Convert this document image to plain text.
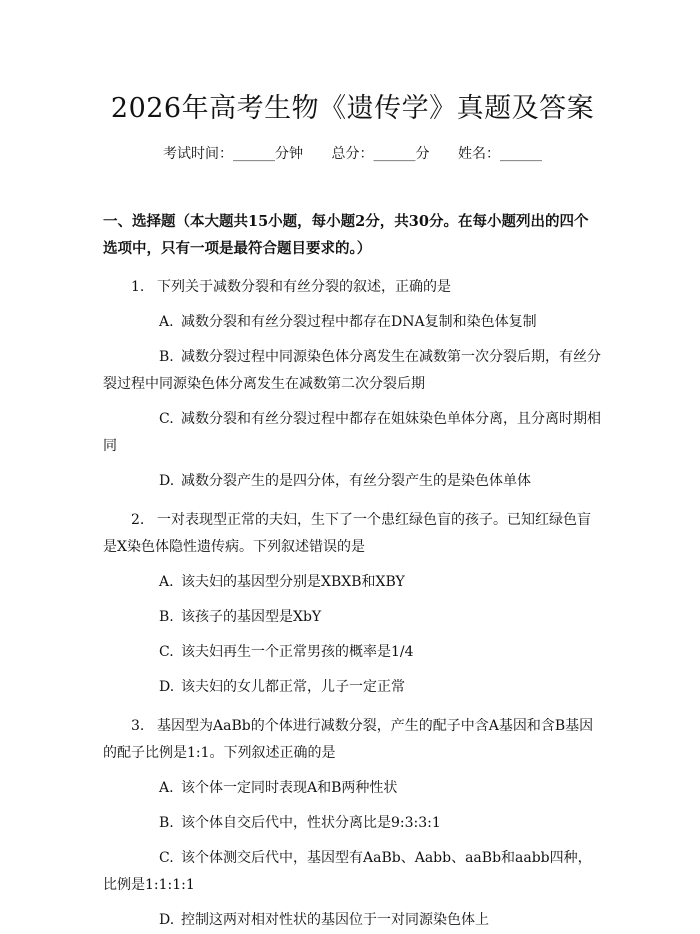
2026年高考生物《遗传学》真题及答案
考试时间：______分钟 总分：______分 姓名：______
一、选择题（本大题共15小题，每小题2分，共30分。在每小题列出的四个选项中，只有一项是最符合题目要求的。）
1. 下列关于减数分裂和有丝分裂的叙述，正确的是
A. 减数分裂和有丝分裂过程中都存在DNA复制和染色体复制
B. 减数分裂过程中同源染色体分离发生在减数第一次分裂后期，有丝分裂过程中同源染色体分离发生在减数第二次分裂后期
C. 减数分裂和有丝分裂过程中都存在姐妹染色单体分离，且分离时期相同
D. 减数分裂产生的是四分体，有丝分裂产生的是染色体单体
2. 一对表现型正常的夫妇，生下了一个患红绿色盲的孩子。已知红绿色盲是X染色体隐性遗传病。下列叙述错误的是
A. 该夫妇的基因型分别是XBXB和XBY
B. 该孩子的基因型是XbY
C. 该夫妇再生一个正常男孩的概率是1/4
D. 该夫妇的女儿都正常，儿子一定正常
3. 基因型为AaBb的个体进行减数分裂，产生的配子中含A基因和含B基因的配子比例是1:1。下列叙述正确的是
A. 该个体一定同时表现A和B两种性状
B. 该个体自交后代中，性状分离比是9:3:3:1
C. 该个体测交后代中，基因型有AaBb、Aabb、aaBb和aabb四种，比例是1:1:1:1
D. 控制这两对相对性状的基因位于一对同源染色体上
